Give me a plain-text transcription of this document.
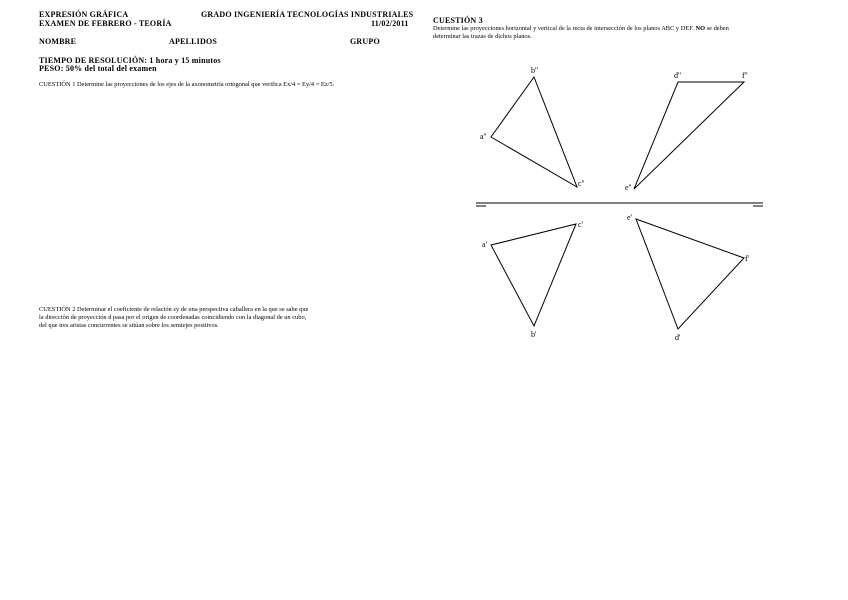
EXPRESIÓN GRÁFICA	GRADO INGENIERÍA TECNOLOGÍAS INDUSTRIALES
EXAMEN DE FEBRERO - TEORÍA	11/02/2011
NOMBRE	APELLIDOS	GRUPO
TIEMPO DE RESOLUCIÓN: 1 hora y 15 minutos
PESO: 50% del total del examen
CUESTIÓN 1 Determine las proyecciones de los ejes de la axonometría ortogonal que verifica Ex/4 = Ey/4 = Ez/5.
CUESTIÓN 2 Determinar el coeficiente de relación εy de una perspectiva caballera en la que se sabe que
la dirección de proyección d pasa por el origen de coordenadas coincidiendo con la diagonal de un cubo,
del que tres aristas concurrentes se sitúan sobre los semiejes positivos.
CUESTIÓN 3
Determine las proyecciones horizontal y vertical de la recta de intersección de los planos ABC y DEF. NO se deben
determinar las trazas de dichos planos.
b''
a''
c''
d''	f''
e''
a'
c'
b'
e'
f'
d'
